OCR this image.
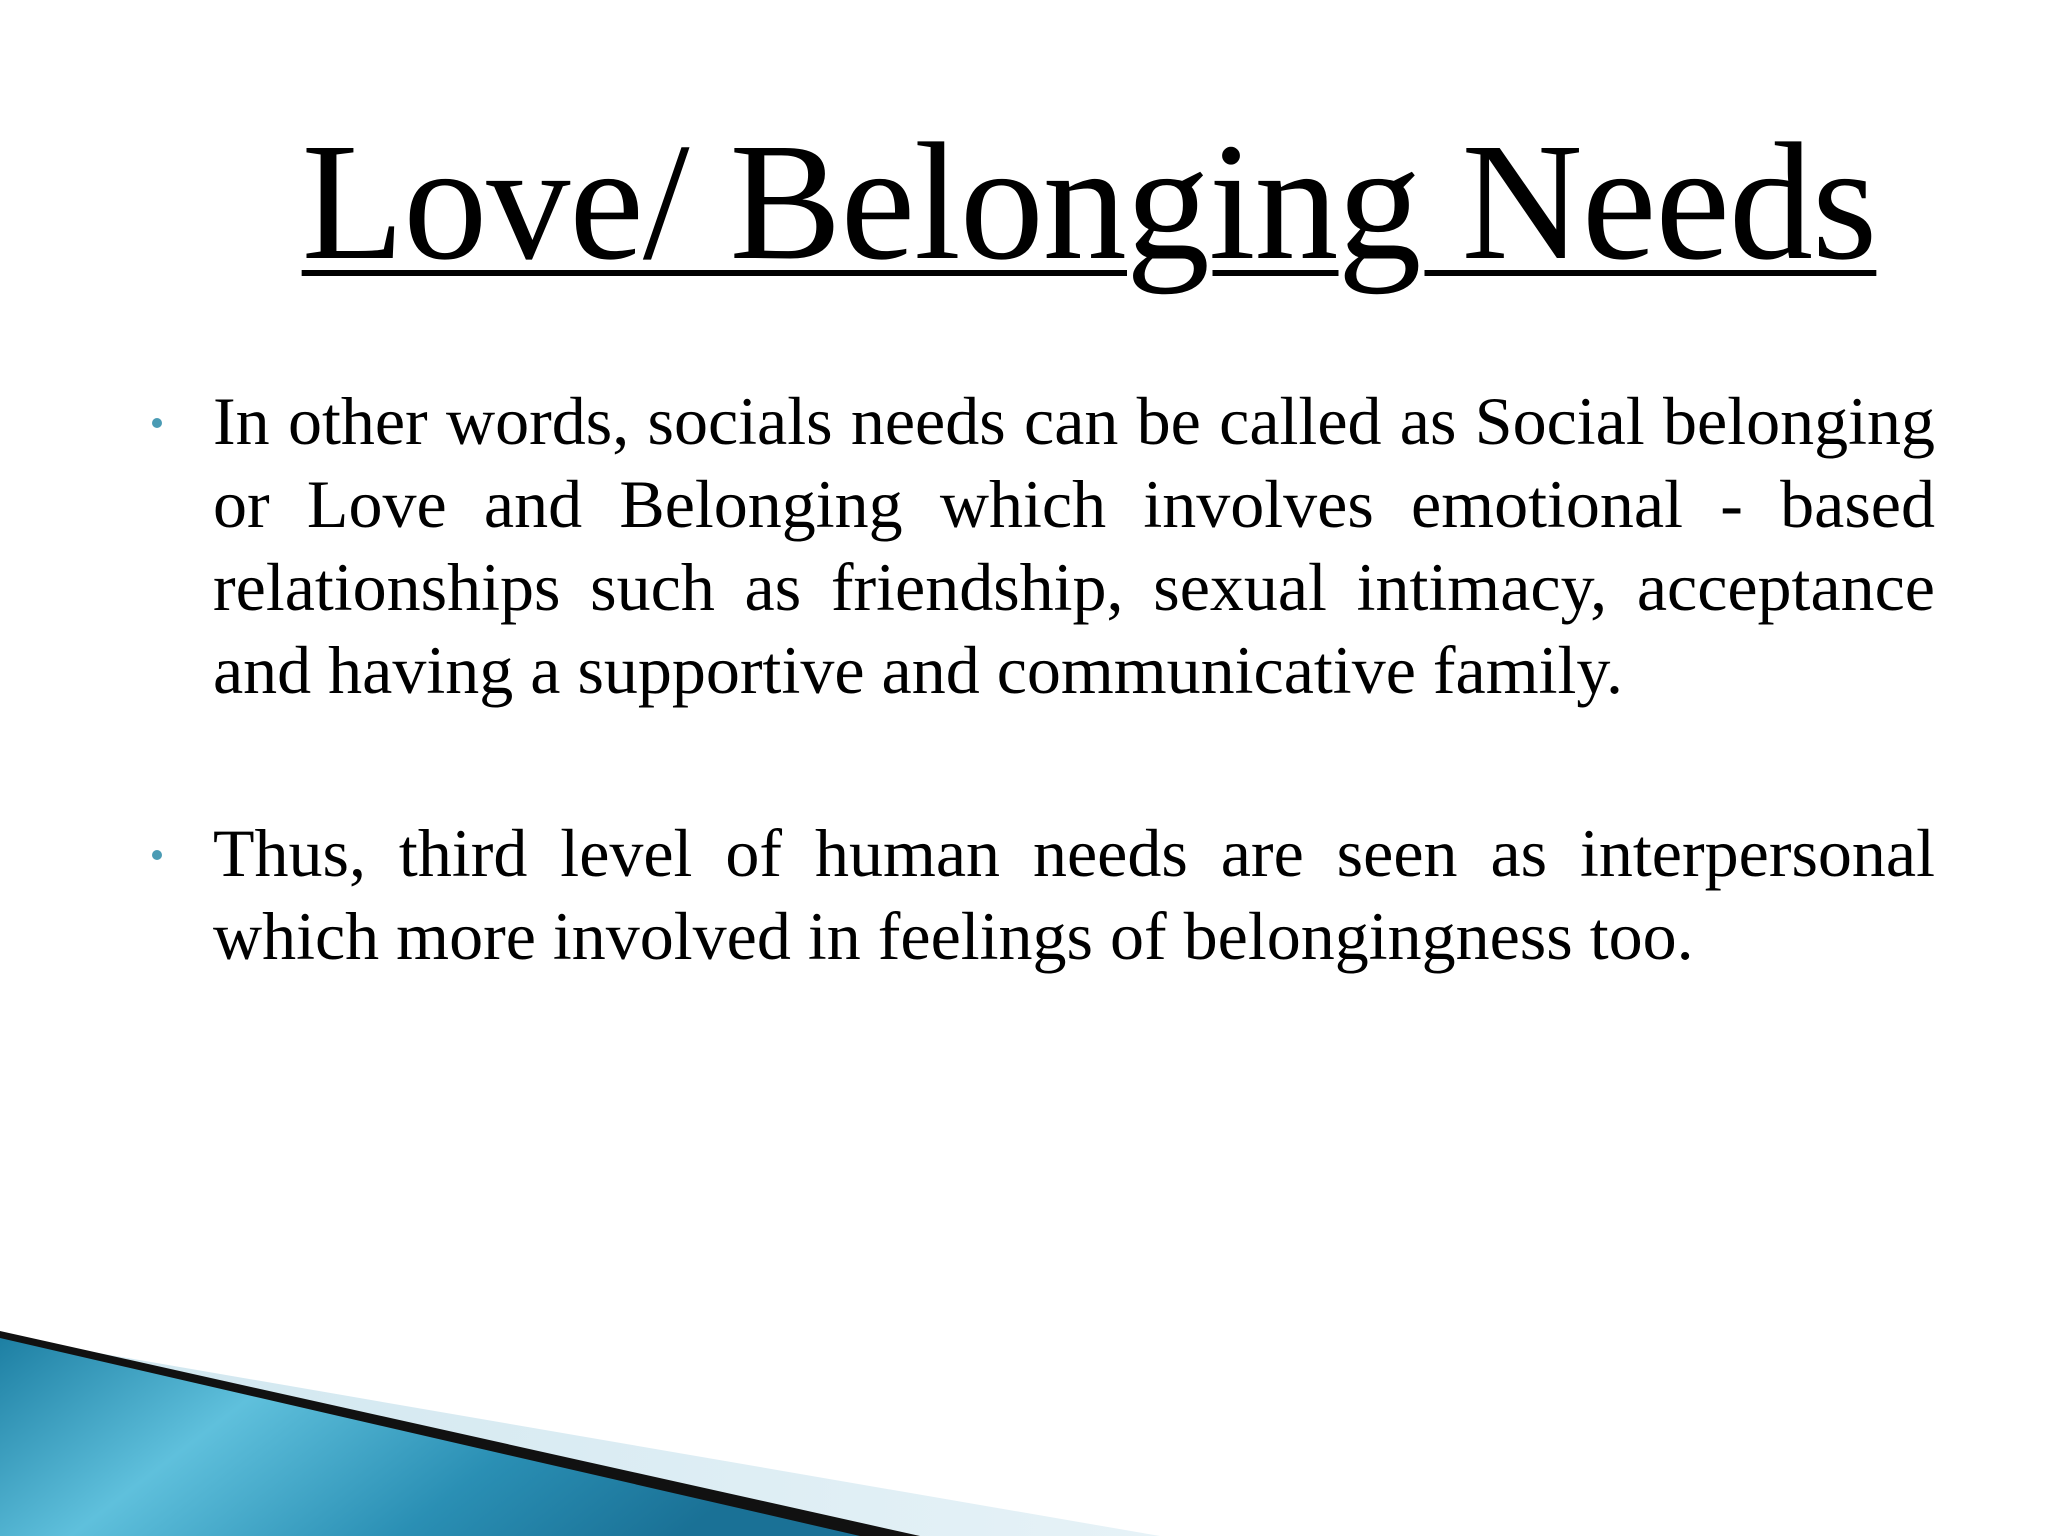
Love/ Belonging Needs
In other words, socials needs can be called as Social belonging or Love and Belonging which involves emotional - based relationships such as friendship, sexual intimacy, acceptance and having a supportive and communicative family.
Thus, third level of human needs are seen as interpersonal which more involved in feelings of belongingness too.
